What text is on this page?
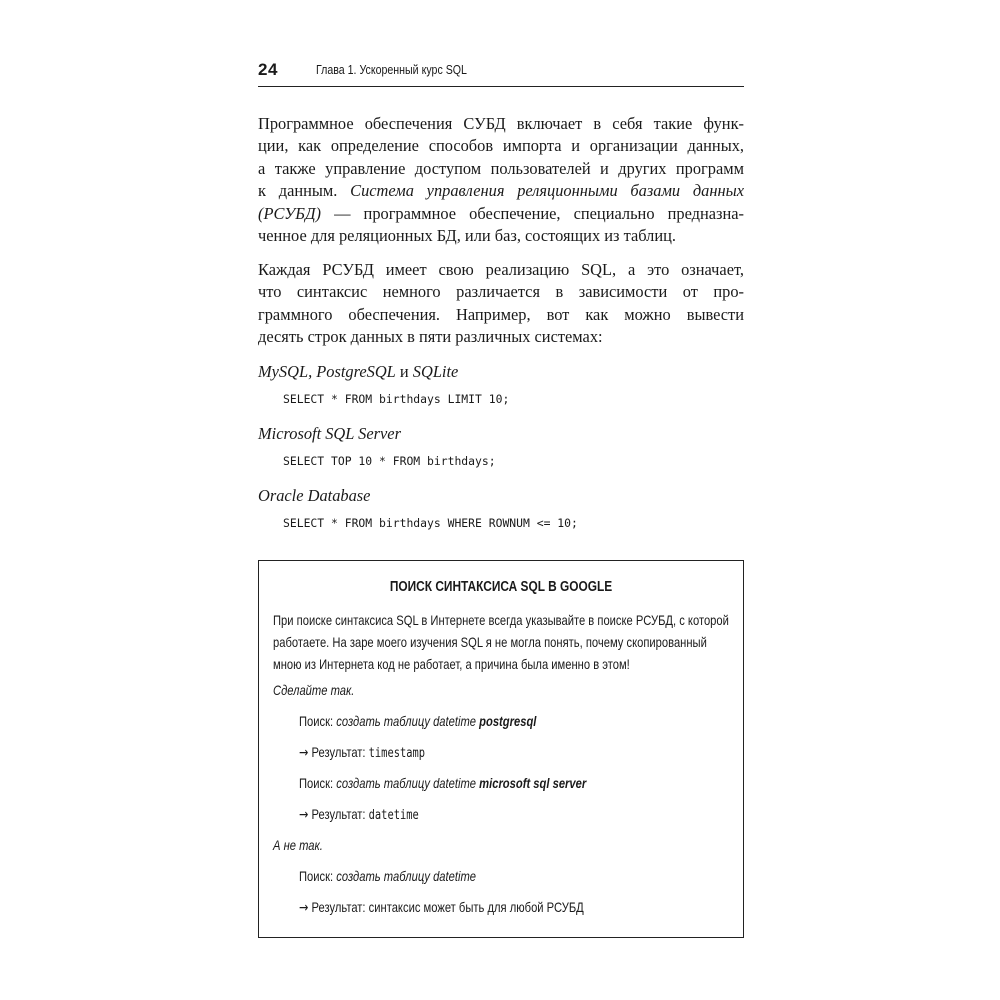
24	Глава 1. Ускоренный курс SQL
Программное обеспечения СУБД включает в себя такие функ-
ции, как определение способов импорта и организации данных,
а также управление доступом пользователей и других программ
к данным. Система управления реляционными базами данных
(РСУБД) — программное обеспечение, специально предназна-
ченное для реляционных БД, или баз, состоящих из таблиц.
Каждая РСУБД имеет свою реализацию SQL, а это означает,
что синтаксис немного различается в зависимости от про-
граммного обеспечения. Например, вот как можно вывести
десять строк данных в пяти различных системах:
MySQL, PostgreSQL и SQLite
SELECT * FROM birthdays LIMIT 10;
Microsoft SQL Server
SELECT TOP 10 * FROM birthdays;
Oracle Database
SELECT * FROM birthdays WHERE ROWNUM <= 10;
ПОИСК СИНТАКСИСА SQL В GOOGLE
При поиске синтаксиса SQL в Интернете всегда указывайте в поиске РСУБД, с которой
работаете. На заре моего изучения SQL я не могла понять, почему скопированный
мною из Интернета код не работает, а причина была именно в этом!
Сделайте так.
Поиск: создать таблицу datetime postgresql
→ Результат: timestamp
Поиск: создать таблицу datetime microsoft sql server
→ Результат: datetime
А не так.
Поиск: создать таблицу datetime
→ Результат: синтаксис может быть для любой РСУБД
